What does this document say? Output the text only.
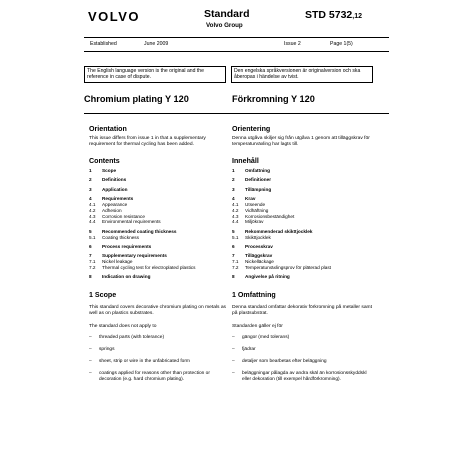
VOLVO	Standard
Volvo Group
STD 5732,12
Established	June 2009	Issue 2	Page 1(5)
The English language version is the original and the reference in case of dispute.
Den engelska språkversionen är originalversion och ska åberopas i händelse av tvist.
Chromium plating Y 120	Förkromning Y 120
Orientation
This issue differs from issue 1 in that a supplementary requirement for thermal cycling has been added.
Orientering
Denna utgåva skiljer sig från utgåva 1 genom att tilläggskrav för temperaturväxling har lagts till.
Contents	Innehåll
1	Scope
2	Definitions
3	Application
4	Requirements
4.1	Appearance
4.2	Adhesion
4.3	Corrosion resistance
4.4	Environmental requirements
5	Recommended coating thickness
5.1	Coating thickness
6	Process requirements
7	Supplementary requirements
7.1	Nickel leakage
7.2	Thermal cycling test for electroplated plastics
8	Indication on drawing
1	Omfattning
2	Definitioner
3	Tillämpning
4	Krav
4.1	Utseende
4.2	Vidhäftning
4.3	Korrosionsbeständighet
4.4	Miljökrav
5	Rekommenderad skikttjocklek
5.1	Skikttjocklek
6	Processkrav
7	Tilläggskrav
7.1	Nickelläckage
7.2	Temperaturväxlingsprov för pläterad plast
8	Angivelse på ritning
1 Scope
This standard covers decorative chromium plating on metals as well as on plastics substrates.
The standard does not apply to
–	threaded parts (with tolerance)
–	springs
–	sheet, strip or wire in the unfabricated form
–	coatings applied for reasons other than protection or decoration (e.g. hard chromium plating).
1 Omfattning
Denna standard omfattar dekorativ förkromning på metaller samt på plastsubstrat.
Standarden gäller ej för
–	gängor (med tolerans)
–	fjädrar
–	detaljer som bearbetas efter beläggning
–	beläggningar pålagda av andra skäl än korrosionsskyddskl eller dekoration (till exempel hårdförkromning).
